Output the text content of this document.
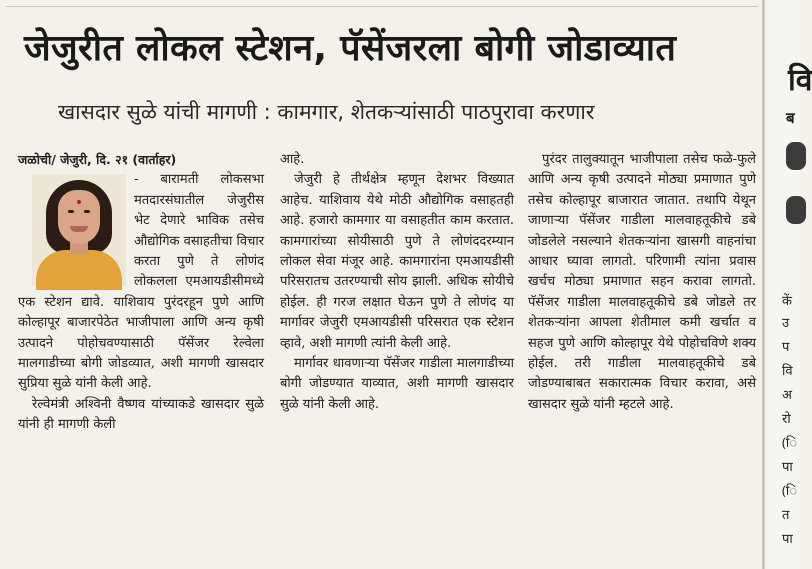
जेजुरीत लोकल स्टेशन, पॅसेंजरला बोगी जोडाव्यात
खासदार सुळे यांची मागणी : कामगार, शेतकऱ्यांसाठी पाठपुरावा करणार
जळोची/ जेजुरी, दि. २१ (वार्ताहर)

- बारामती लोकसभा मतदारसंघातील जेजुरीस भेट देणारे भाविक तसेच औद्योगिक वसाहतीचा विचार करता पुणे ते लोणंद लोकलला एमआयडीसीमध्ये एक स्टेशन द्यावे. याशिवाय पुरंदरहून पुणे आणि कोल्हापूर बाजारपेठेत भाजीपाला आणि अन्य कृषी उत्पादने पोहोचवण्यासाठी पॅसेंजर रेल्वेला मालगाडीच्या बोगी जोडव्यात, अशी मागणी खासदार सुप्रिया सुळे यांनी केली आहे.

रेल्वेमंत्री अश्विनी वैष्णव यांच्याकडे खासदार सुळे यांनी ही मागणी केली

आहे.

जेजुरी हे तीर्थक्षेत्र म्हणून देशभर विख्यात आहेच. याशिवाय येथे मोठी औद्योगिक वसाहतही आहे. हजारो कामगार या वसाहतीत काम करतात. कामगारांच्या सोयीसाठी पुणे ते लोणंददरम्यान लोकल सेवा मंजूर आहे. कामगारांना एमआयडीसी परिसरातच उतरण्याची सोय झाली. अधिक सोयीचे होईल. ही गरज लक्षात घेऊन पुणे ते लोणंद या मार्गावर जेजुरी एमआयडीसी परिसरात एक स्टेशन व्हावे, अशी मागणी त्यांनी केली आहे.

मार्गावर धावणाऱ्या पॅसेंजर गाडीला मालगाडीच्या बोगी जोडण्यात याव्यात, अशी मागणी खासदार सुळे यांनी केली आहे.

पुरंदर तालुक्यातून भाजीपाला तसेच फळे-फुले आणि अन्य कृषी उत्पादने मोठ्या प्रमाणात पुणे तसेच कोल्हापूर बाजारात जातात. तथापि येथून जाणाऱ्या पॅसेंजर गाडीला मालवाहतूकीचे डबे जोडलेले नसल्याने शेतकऱ्यांना खासगी वाहनांचा आधार घ्यावा लागतो. परिणामी त्यांना प्रवास खर्चच मोठ्या प्रमाणात सहन करावा लागतो. पॅसेंजर गाडीला मालवाहतूकीचे डबे जोडले तर शेतकऱ्यांना आपला शेतीमाल कमी खर्चात व सहज पुणे आणि कोल्हापूर येथे पोहोचविणे शक्य होईल. तरी गाडीला मालवाहतूकीचे डबे जोडण्याबाबत सकारात्मक विचार करावा, असे खासदार सुळे यांनी म्हटले आहे.

वि
ब
कें
उ
प
वि
अ
रो
(ि
पा
(ि
त
पा
